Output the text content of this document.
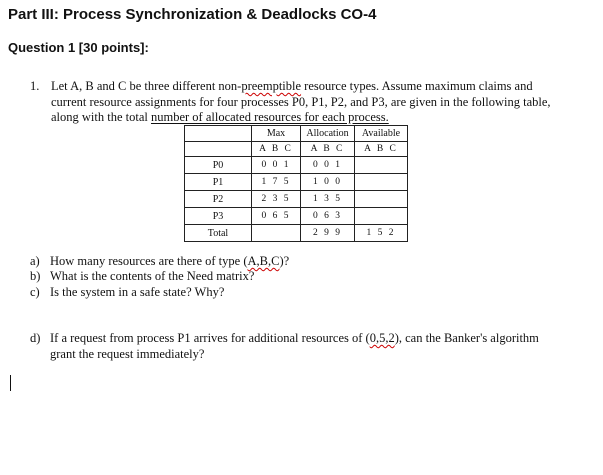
Part III: Process Synchronization & Deadlocks CO-4
Question 1 [30 points]:
1. Let A, B and C be three different non-preemptible resource types. Assume maximum claims and
current resource assignments for four processes P0, P1, P2, and P3, are given in the following table,
along with the total number of allocated resources for each process.
	Max	Allocation	Available
	A B C	A B C	A B C
P0	0 0 1	0 0 1	
P1	1 7 5	1 0 0	
P2	2 3 5	1 3 5	
P3	0 6 5	0 6 3	
Total		2 9 9	1 5 2
a) How many resources are there of type (A,B,C)?
b) What is the contents of the Need matrix?
c) Is the system in a safe state? Why?
d) If a request from process P1 arrives for additional resources of (0,5,2), can the Banker's algorithm
grant the request immediately?
